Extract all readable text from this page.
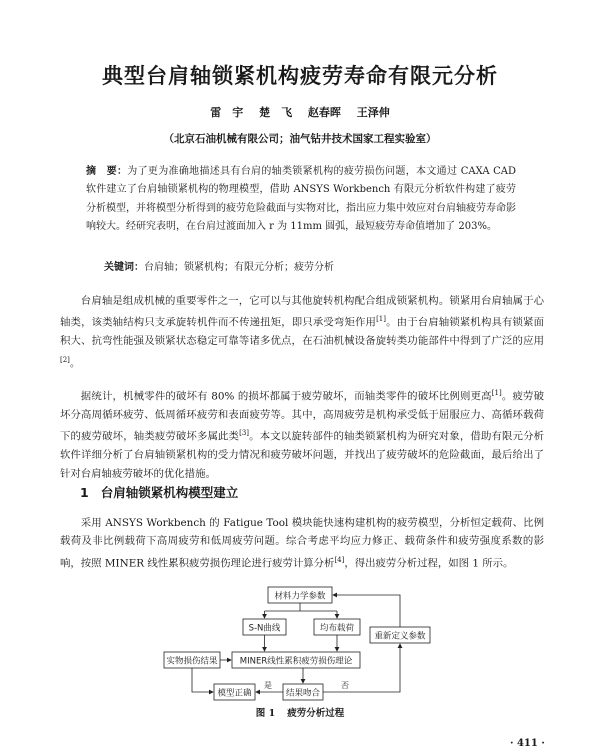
典型台肩轴锁紧机构疲劳寿命有限元分析
雷　宇 楚　飞 赵春晖 王泽伸
（北京石油机械有限公司；油气钻井技术国家工程实验室）
摘　要：为了更为准确地描述具有台肩的轴类锁紧机构的疲劳损伤问题，本文通过 CAXA CAD 软件建立了台肩轴锁紧机构的物理模型，借助 ANSYS Workbench 有限元分析软件构建了疲劳分析模型，并将模型分析得到的疲劳危险截面与实物对比，指出应力集中效应对台肩轴疲劳寿命影响较大。经研究表明，在台肩过渡面加入 r 为 11mm 圆弧，最短疲劳寿命值增加了 203%。
关键词：台肩轴；锁紧机构；有限元分析；疲劳分析

台肩轴是组成机械的重要零件之一，它可以与其他旋转机构配合组成锁紧机构。锁紧用台肩轴属于心轴类，该类轴结构只支承旋转机件而不传递扭矩，即只承受弯矩作用[1]。由于台肩轴锁紧机构具有锁紧面积大、抗弯性能强及锁紧状态稳定可靠等诸多优点，在石油机械设备旋转类功能部件中得到了广泛的应用[2]。

据统计，机械零件的破坏有 80% 的损坏都属于疲劳破坏，而轴类零件的破坏比例则更高[1]。疲劳破坏分高周循环疲劳、低周循环疲劳和表面疲劳等。其中，高周疲劳是机构承受低于屈服应力、高循环载荷下的疲劳破坏，轴类疲劳破坏多属此类[3]。本文以旋转部件的轴类锁紧机构为研究对象，借助有限元分析软件详细分析了台肩轴锁紧机构的受力情况和疲劳破坏问题，并找出了疲劳破坏的危险截面，最后给出了针对台肩轴疲劳破坏的优化措施。

1 台肩轴锁紧机构模型建立

采用 ANSYS Workbench 的 Fatigue Tool 模块能快速构建机构的疲劳模型，分析恒定载荷、比例载荷及非比例载荷下高周疲劳和低周疲劳问题。综合考虑平均应力修正、载荷条件和疲劳强度系数的影响，按照 MINER 线性累积疲劳损伤理论进行疲劳计算分析[4]，得出疲劳分析过程，如图 1 所示。

材料力学参数
S-N曲线	均布载荷
重新定义参数
实物损伤结果	MINER线性累积疲劳损伤理论
模型正确	结果吻合
是	否
图 1 疲劳分析过程
· 411 ·
